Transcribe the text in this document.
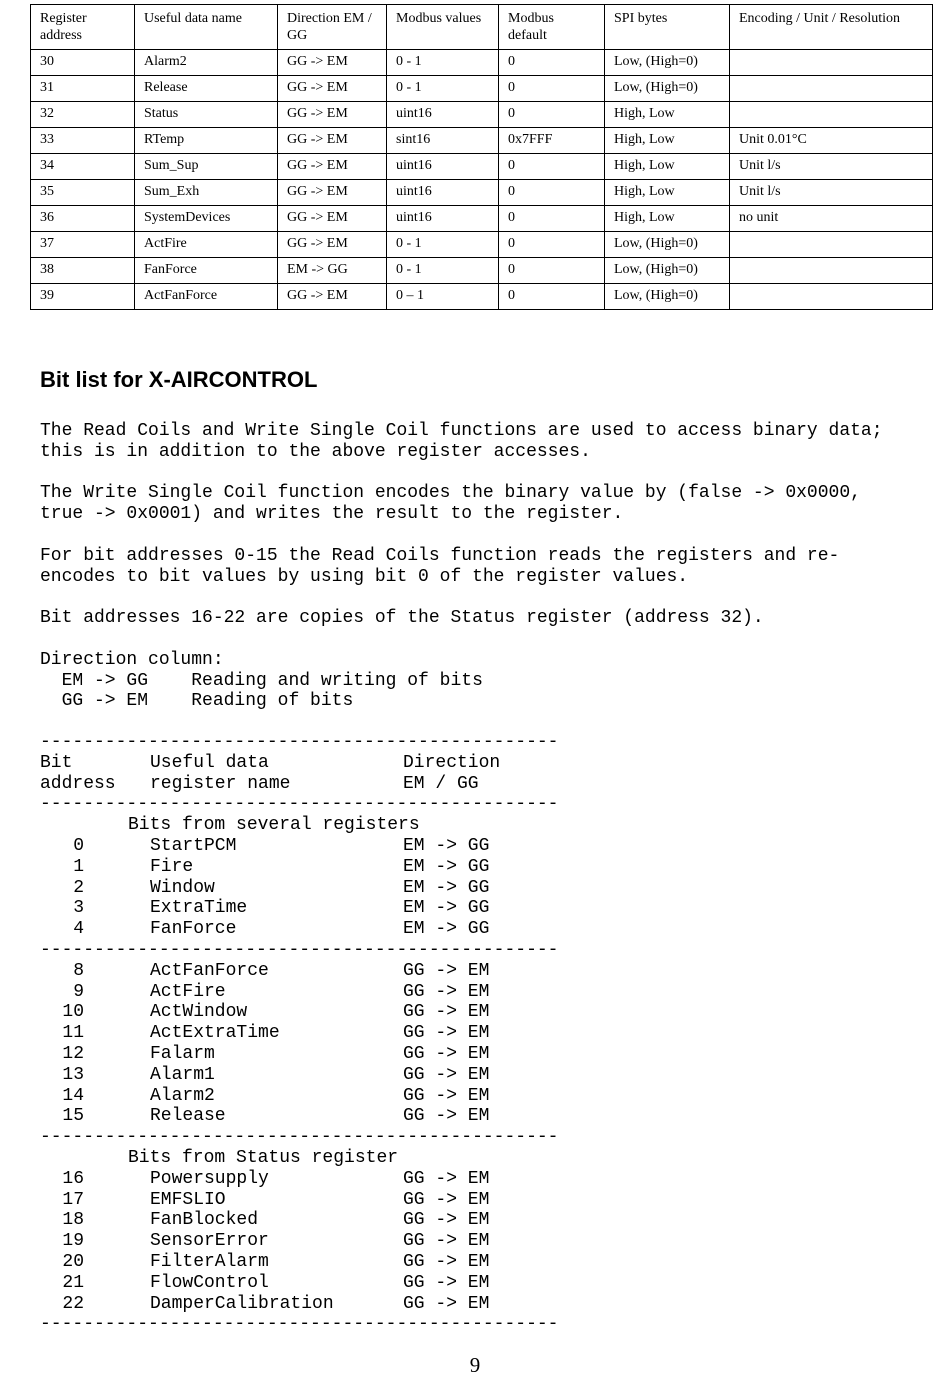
Register address	Useful data name	Direction EM / GG	Modbus values	Modbus default	SPI bytes	Encoding / Unit / Resolution
30	Alarm2	GG -> EM	0 - 1	0	Low, (High=0)	
31	Release	GG -> EM	0 - 1	0	Low, (High=0)	
32	Status	GG -> EM	uint16	0	High, Low	
33	RTemp	GG -> EM	sint16	0x7FFF	High, Low	Unit 0.01°C
34	Sum_Sup	GG -> EM	uint16	0	High, Low	Unit l/s
35	Sum_Exh	GG -> EM	uint16	0	High, Low	Unit l/s
36	SystemDevices	GG -> EM	uint16	0	High, Low	no unit
37	ActFire	GG -> EM	0 - 1	0	Low, (High=0)	
38	FanForce	EM -> GG	0 - 1	0	Low, (High=0)	
39	ActFanForce	GG -> EM	0 – 1	0	Low, (High=0)	
Bit list for X-AIRCONTROL
The Read Coils and Write Single Coil functions are used to access binary data;
this is in addition to the above register accesses.

The Write Single Coil function encodes the binary value by (false -> 0x0000,
true -> 0x0001) and writes the result to the register.

For bit addresses 0-15 the Read Coils function reads the registers and re-
encodes to bit values by using bit 0 of the register values.

Bit addresses 16-22 are copies of the Status register (address 32).

Direction column:
EM -> GG    Reading and writing of bits
GG -> EM    Reading of bits
------------------------------------------------
Bit	Useful data	Direction
address register name	EM / GG
------------------------------------------------
Bits from several registers
0	StartPCM	EM -> GG
1	Fire	EM -> GG
2	Window	EM -> GG
3	ExtraTime	EM -> GG
4	FanForce	EM -> GG
------------------------------------------------
8	ActFanForce	GG -> EM
9	ActFire	GG -> EM
10	ActWindow	GG -> EM
11	ActExtraTime	GG -> EM
12	Falarm	GG -> EM
13	Alarm1	GG -> EM
14	Alarm2	GG -> EM
15	Release	GG -> EM
------------------------------------------------
Bits from Status register
16	Powersupply	GG -> EM
17	EMFSLIO	GG -> EM
18	FanBlocked	GG -> EM
19	SensorError	GG -> EM
20	FilterAlarm	GG -> EM
21	FlowControl	GG -> EM
22	DamperCalibration	GG -> EM
------------------------------------------------
9
